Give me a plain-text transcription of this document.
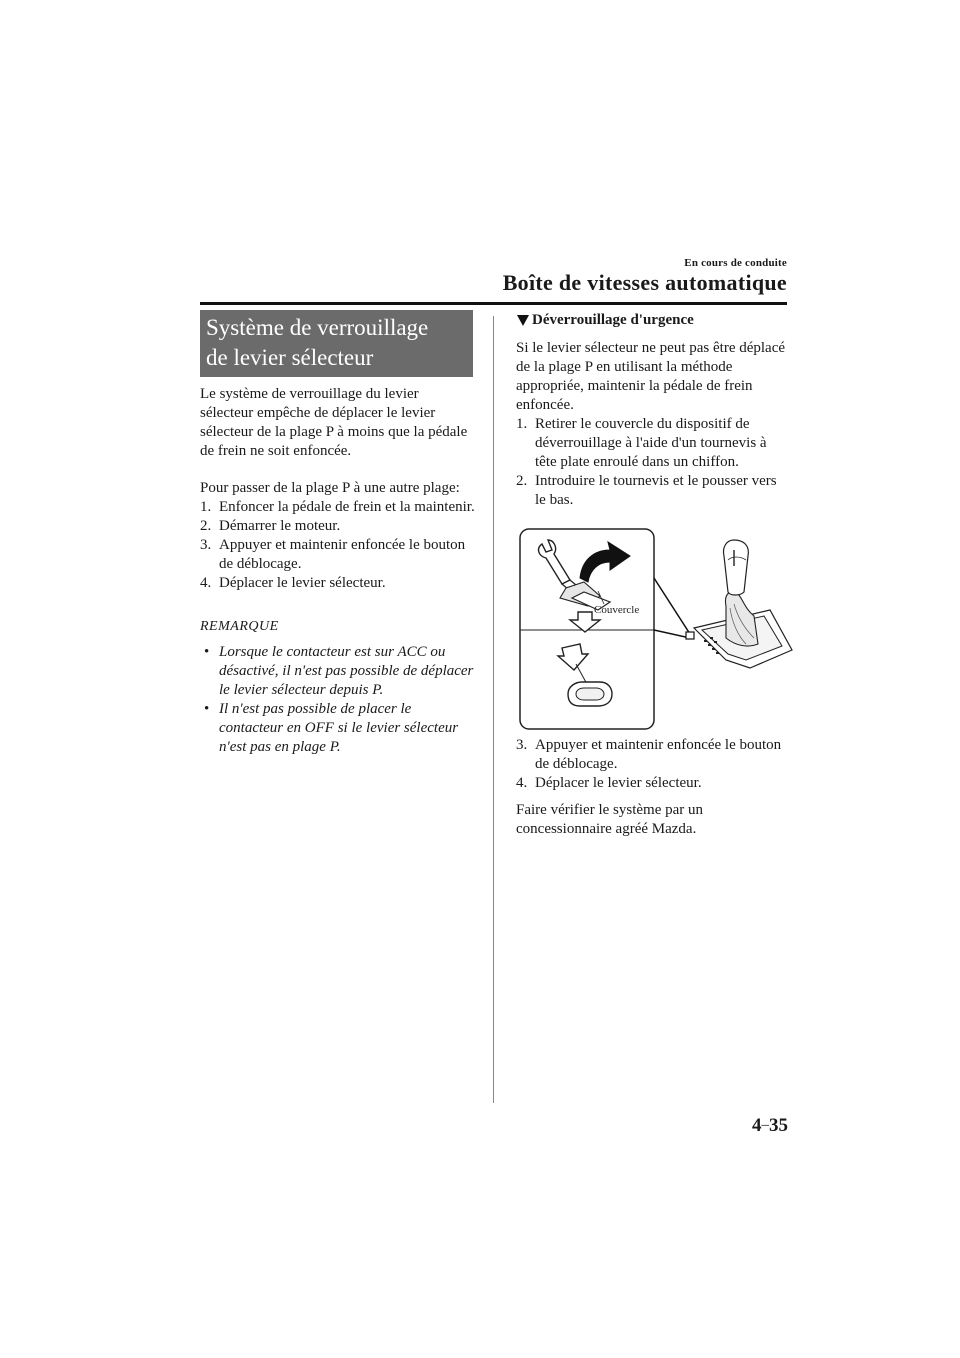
En cours de conduite
Boîte de vitesses automatique
Système de verrouillage
de levier sélecteur

Le système de verrouillage du levier sélecteur empêche de déplacer le levier sélecteur de la plage P à moins que la pédale de frein ne soit enfoncée.

Pour passer de la plage P à une autre plage:

1. Enfoncer la pédale de frein et la maintenir.
2. Démarrer le moteur.
3. Appuyer et maintenir enfoncée le bouton de déblocage.
4. Déplacer le levier sélecteur.
REMARQUE
• Lorsque le contacteur est sur ACC ou désactivé, il n'est pas possible de déplacer le levier sélecteur depuis P.
• Il n'est pas possible de placer le contacteur en OFF si le levier sélecteur n'est pas en plage P.
Déverrouillage d'urgence

Si le levier sélecteur ne peut pas être déplacé de la plage P en utilisant la méthode appropriée, maintenir la pédale de frein enfoncée.

1. Retirer le couvercle du dispositif de déverrouillage à l'aide d'un tournevis à tête plate enroulé dans un chiffon.
2. Introduire le tournevis et le pousser vers le bas.
Couvercle
3. Appuyer et maintenir enfoncée le bouton de déblocage.
4. Déplacer le levier sélecteur.

Faire vérifier le système par un concessionnaire agréé Mazda.

4–35
